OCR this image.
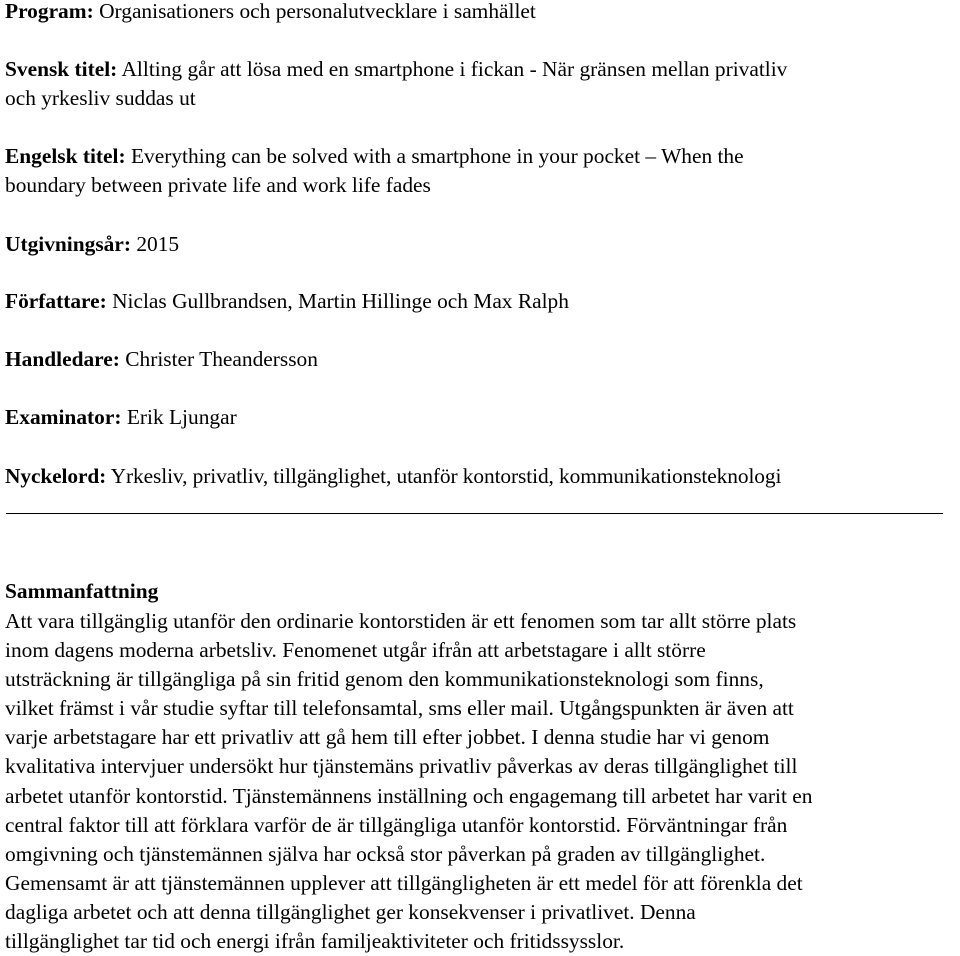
Program: Organisationers och personalutvecklare i samhället

Svensk titel: Allting går att lösa med en smartphone i fickan - När gränsen mellan privatliv
och yrkesliv suddas ut

Engelsk titel: Everything can be solved with a smartphone in your pocket – When the
boundary between private life and work life fades

Utgivningsår: 2015

Författare: Niclas Gullbrandsen, Martin Hillinge och Max Ralph

Handledare: Christer Theandersson

Examinator: Erik Ljungar

Nyckelord: Yrkesliv, privatliv, tillgänglighet, utanför kontorstid, kommunikationsteknologi

Sammanfattning

Att vara tillgänglig utanför den ordinarie kontorstiden är ett fenomen som tar allt större plats
inom dagens moderna arbetsliv. Fenomenet utgår ifrån att arbetstagare i allt större
utsträckning är tillgängliga på sin fritid genom den kommunikationsteknologi som finns,
vilket främst i vår studie syftar till telefonsamtal, sms eller mail. Utgångspunkten är även att
varje arbetstagare har ett privatliv att gå hem till efter jobbet. I denna studie har vi genom
kvalitativa intervjuer undersökt hur tjänstemäns privatliv påverkas av deras tillgänglighet till
arbetet utanför kontorstid. Tjänstemännens inställning och engagemang till arbetet har varit en
central faktor till att förklara varför de är tillgängliga utanför kontorstid. Förväntningar från
omgivning och tjänstemännen själva har också stor påverkan på graden av tillgänglighet.
Gemensamt är att tjänstemännen upplever att tillgängligheten är ett medel för att förenkla det
dagliga arbetet och att denna tillgänglighet ger konsekvenser i privatlivet. Denna
tillgänglighet tar tid och energi ifrån familjeaktiviteter och fritidssysslor.
